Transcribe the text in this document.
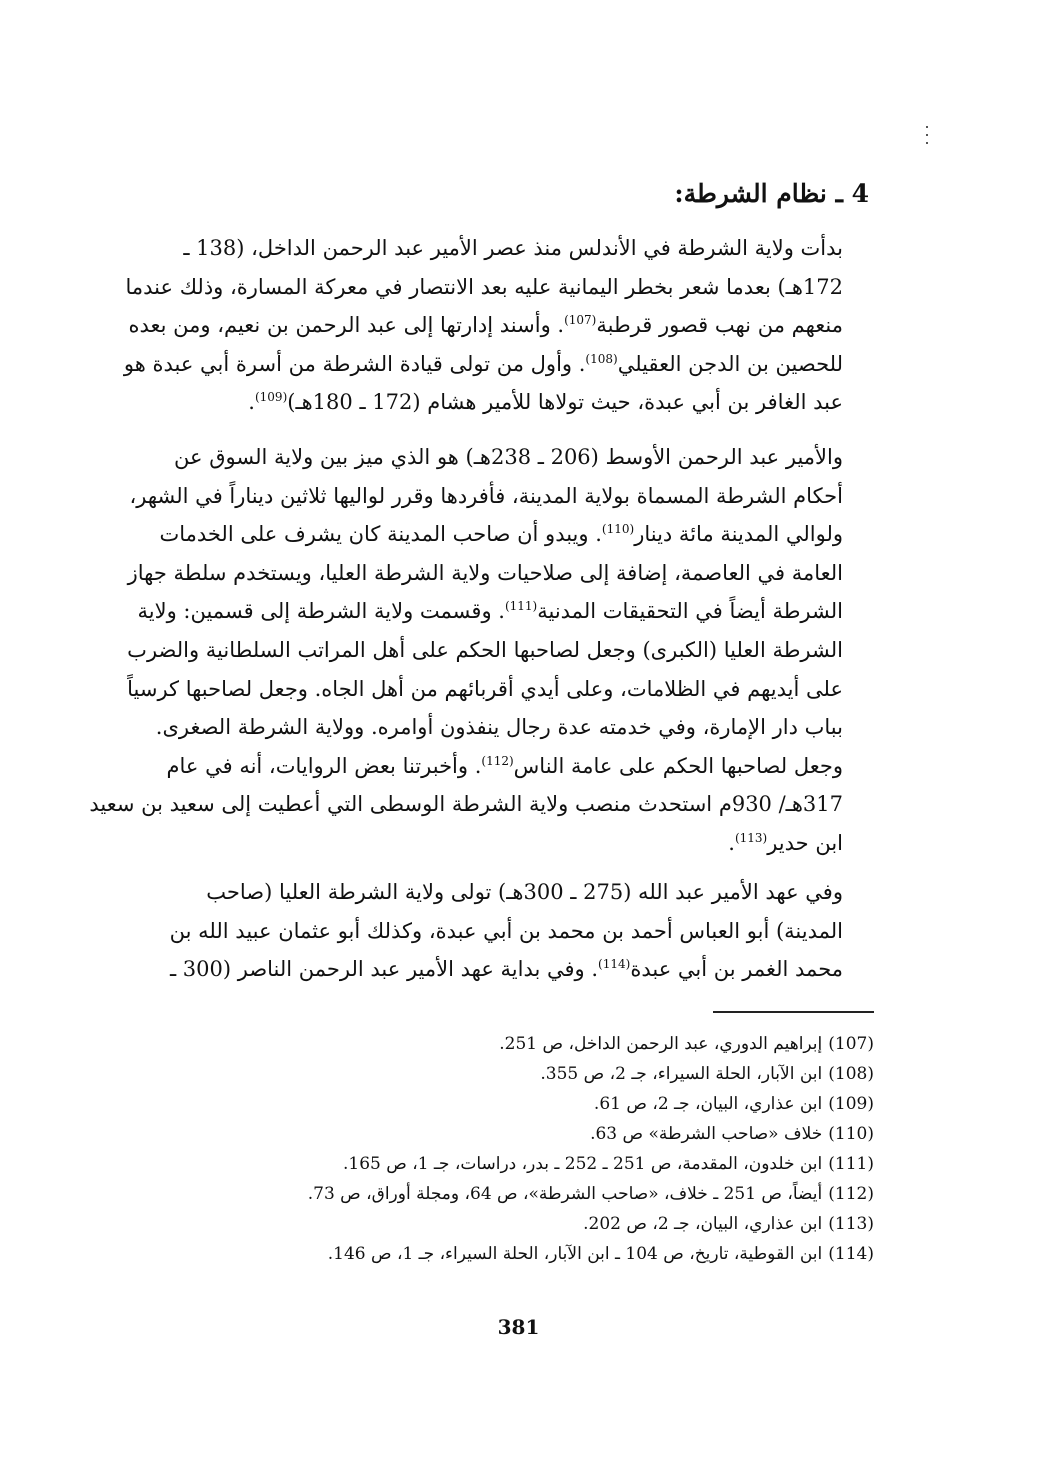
4 ـ نظام الشرطة:

بدأت ولاية الشرطة في الأندلس منذ عصر الأمير عبد الرحمن الداخل، (138 ـ
172هـ) بعدما شعر بخطر اليمانية عليه بعد الانتصار في معركة المسارة، وذلك عندما
منعهم من نهب قصور قرطبة$^{(107)}$. وأسند إدارتها إلى عبد الرحمن بن نعيم، ومن بعده
للحصين بن الدجن العقيلي$^{(108)}$. وأول من تولى قيادة الشرطة من أسرة أبي عبدة هو
عبد الغافر بن أبي عبدة، حيث تولاها للأمير هشام (172 ـ 180هـ)$^{(109)}$.

والأمير عبد الرحمن الأوسط (206 ـ 238هـ) هو الذي ميز بين ولاية السوق عن
أحكام الشرطة المسماة بولاية المدينة، فأفردها وقرر لواليها ثلاثين ديناراً في الشهر،
ولوالي المدينة مائة دينار$^{(110)}$. ويبدو أن صاحب المدينة كان يشرف على الخدمات
العامة في العاصمة، إضافة إلى صلاحيات ولاية الشرطة العليا، ويستخدم سلطة جهاز
الشرطة أيضاً في التحقيقات المدنية$^{(111)}$. وقسمت ولاية الشرطة إلى قسمين: ولاية
الشرطة العليا (الكبرى) وجعل لصاحبها الحكم على أهل المراتب السلطانية والضرب
على أيديهم في الظلامات، وعلى أيدي أقربائهم من أهل الجاه. وجعل لصاحبها كرسياً
بباب دار الإمارة، وفي خدمته عدة رجال ينفذون أوامره. وولاية الشرطة الصغرى.
وجعل لصاحبها الحكم على عامة الناس$^{(112)}$. وأخبرتنا بعض الروايات، أنه في عام
317هـ/ 930م استحدث منصب ولاية الشرطة الوسطى التي أعطيت إلى سعيد بن سعيد
ابن حدير$^{(113)}$.

وفي عهد الأمير عبد الله (275 ـ 300هـ) تولى ولاية الشرطة العليا (صاحب
المدينة) أبو العباس أحمد بن محمد بن أبي عبدة، وكذلك أبو عثمان عبيد الله بن
محمد الغمر بن أبي عبدة$^{(114)}$. وفي بداية عهد الأمير عبد الرحمن الناصر (300 ـ

(107)إبراهيم الدوري، عبد الرحمن الداخل، ص 251.
(108)ابن الآبار، الحلة السيراء، جـ 2، ص 355.
(109)ابن عذاري، البيان، جـ 2، ص 61.
(110)خلاف «صاحب الشرطة» ص 63.
(111)ابن خلدون، المقدمة، ص 251 ـ 252 ـ بدر، دراسات، جـ 1، ص 165.
(112)أيضاً، ص 251 ـ خلاف، «صاحب الشرطة»، ص 64، ومجلة أوراق، ص 73.
(113)ابن عذاري، البيان، جـ 2، ص 202.
(114)ابن القوطية، تاريخ، ص 104 ـ ابن الآبار، الحلة السيراء، جـ 1، ص 146.
381
